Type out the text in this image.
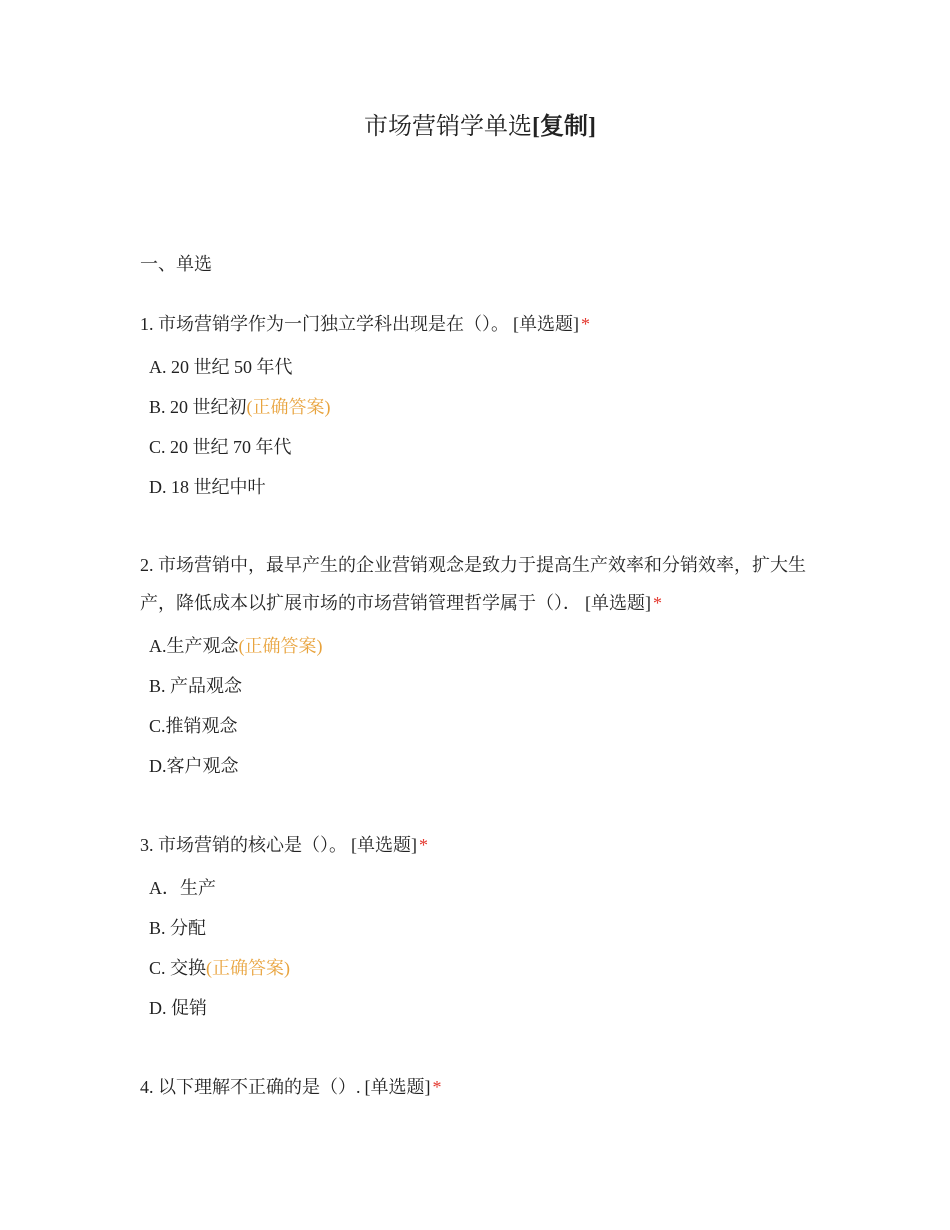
市场营销学单选[复制]
一、单选

1. 市场营销学作为一门独立学科出现是在（）。 [单选题] *

A. 20 世纪 50 年代
B. 20 世纪初(正确答案)
C. 20 世纪 70 年代
D. 18 世纪中叶

2. 市场营销中，最早产生的企业营销观念是致力于提高生产效率和分销效率，扩大生产，降低成本以扩展市场的市场营销管理哲学属于（）． [单选题] *

A.生产观念(正确答案)
B. 产品观念
C.推销观念
D.客户观念

3. 市场营销的核心是（）。 [单选题] *

A．生产
B. 分配
C. 交换(正确答案)
D. 促销

4. 以下理解不正确的是（）. [单选题] *
